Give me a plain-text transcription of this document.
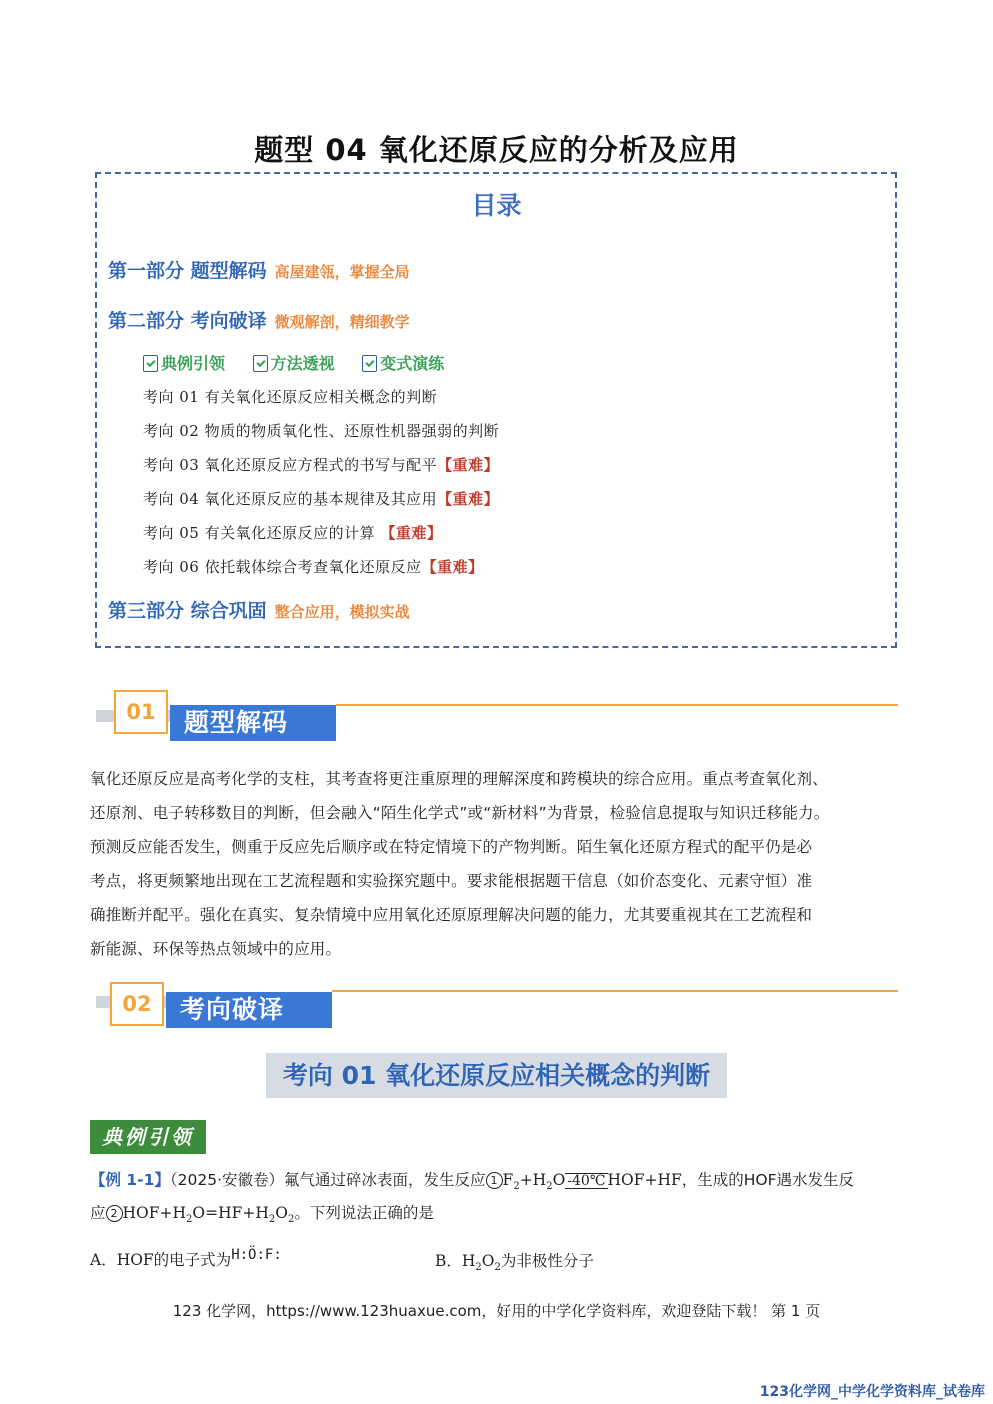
题型 04 氧化还原反应的分析及应用
目录
第一部分 题型解码 高屋建瓴，掌握全局
第二部分 考向破译 微观解剖，精细教学
典例引领	方法透视	变式演练
考向 01 有关氧化还原反应相关概念的判断
考向 02 物质的物质氧化性、还原性机器强弱的判断
考向 03 氧化还原反应方程式的书写与配平【重难】
考向 04 氧化还原反应的基本规律及其应用【重难】
考向 05 有关氧化还原反应的计算 【重难】
考向 06 依托载体综合考查氧化还原反应【重难】
第三部分 综合巩固 整合应用，模拟实战
题型解码
01

氧化还原反应是高考化学的支柱，其考查将更注重原理的理解深度和跨模块的综合应用。重点考查氧化剂、

还原剂、电子转移数目的判断，但会融入“陌生化学式”或“新材料”为背景，检验信息提取与知识迁移能力。

预测反应能否发生，侧重于反应先后顺序或在特定情境下的产物判断。陌生氧化还原方程式的配平仍是必

考点，将更频繁地出现在工艺流程题和实验探究题中。要求能根据题干信息（如价态变化、元素守恒）准

确推断并配平。强化在真实、复杂情境中应用氧化还原原理解决问题的能力，尤其要重视其在工艺流程和

新能源、环保等热点领域中的应用。

考向破译
02
考向 01 氧化还原反应相关概念的判断
典例引领
【例 1-1】（2025·安徽卷）氟气通过碎冰表面，发生反应 1 $F_2+H_2O$ -40℃ HOF+HF，生成的HOF遇水发生反
应 2 $HOF+H_2O=HF+H_2O_2$。下列说法正确的是
A．HOF的电子式为H:Ö:F:	B．$H_2O_2$为非极性分子
123 化学网，https://www.123huaxue.com，好用的中学化学资料库，欢迎登陆下载！ 第 1 页
123化学网_中学化学资料库_试卷库
